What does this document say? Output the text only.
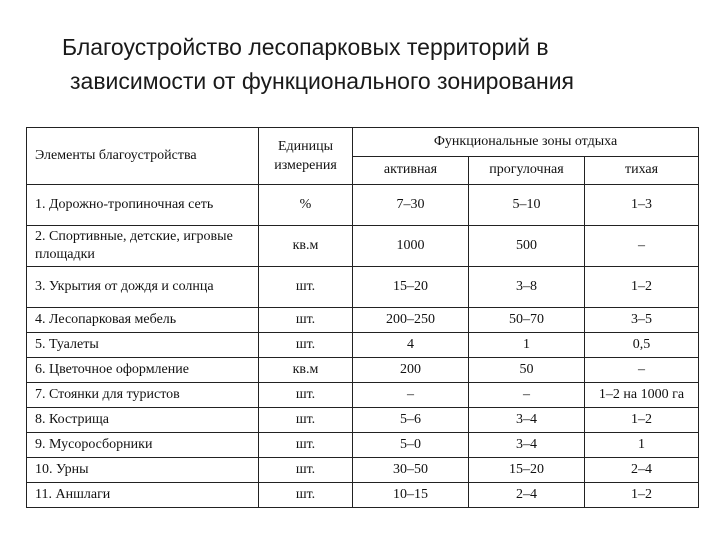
Благоустройство лесопарковых территорий в
зависимости от функционального зонирования
Элементы благоустройства	Единицы измерения	Функциональные зоны отдыха		
		активная	прогулочная	тихая
1. Дорожно-тропиночная сеть	%	7–30	5–10	1–3
2. Спортивные, детские, игровые площадки	кв.м	1000	500	–
3. Укрытия от дождя и солнца	шт.	15–20	3–8	1–2
4. Лесопарковая мебель	шт.	200–250	50–70	3–5
5. Туалеты	шт.	4	1	0,5
6. Цветочное оформление	кв.м	200	50	–
7. Стоянки для туристов	шт.	–	–	1–2 на 1000 га
8. Кострища	шт.	5–6	3–4	1–2
9. Мусоросборники	шт.	5–0	3–4	1
10. Урны	шт.	30–50	15–20	2–4
11. Аншлаги	шт.	10–15	2–4	1–2
